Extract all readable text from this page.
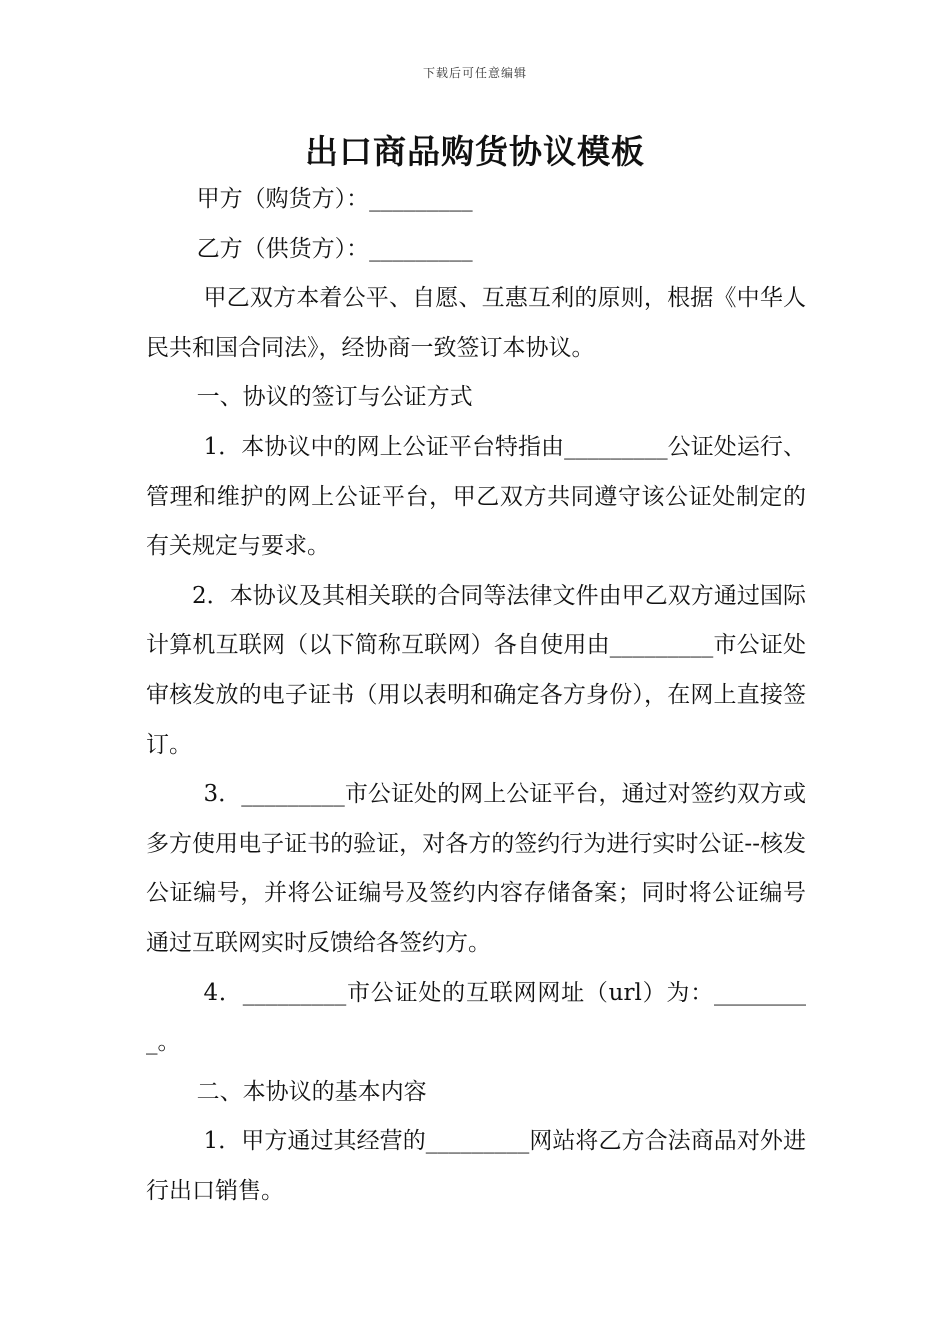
下载后可任意编辑
出口商品购货协议模板

甲方（购货方）：_________

乙方（供货方）：_________

甲乙双方本着公平、自愿、互惠互利的原则，根据《中华人民共和国合同法》，经协商一致签订本协议。

一、协议的签订与公证方式

1．本协议中的网上公证平台特指由_________公证处运行、管理和维护的网上公证平台，甲乙双方共同遵守该公证处制定的有关规定与要求。

2．本协议及其相关联的合同等法律文件由甲乙双方通过国际计算机互联网（以下简称互联网）各自使用由_________市公证处审核发放的电子证书（用以表明和确定各方身份），在网上直接签订。

3．_________市公证处的网上公证平台，通过对签约双方或多方使用电子证书的验证，对各方的签约行为进行实时公证--核发公证编号，并将公证编号及签约内容存储备案；同时将公证编号通过互联网实时反馈给各签约方。

4．_________市公证处的互联网网址（url）为：_________。

二、本协议的基本内容

1．甲方通过其经营的_________网站将乙方合法商品对外进行出口销售。
